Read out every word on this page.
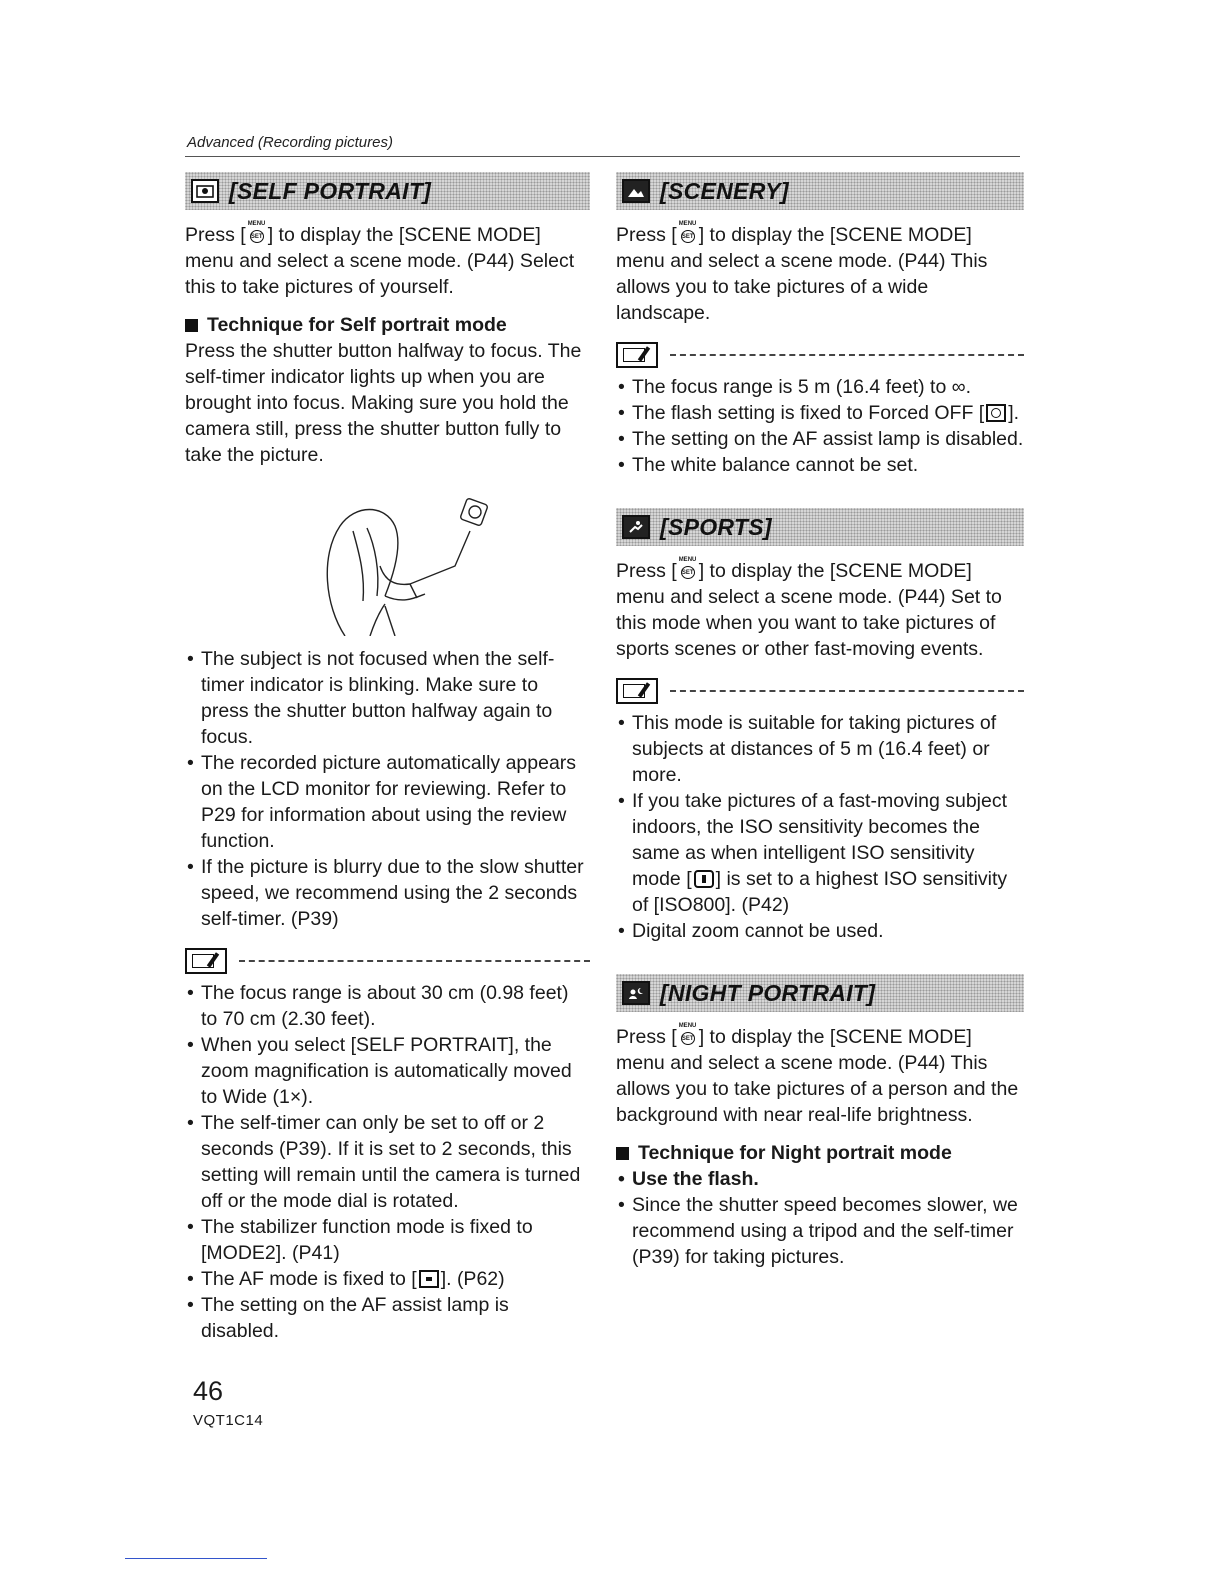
Advanced (Recording pictures)
[SELF PORTRAIT]

Press [ MENU
SET ] to display the [SCENE MODE] menu and select a scene mode. (P44) Select this to take pictures of yourself.

Technique for Self portrait mode

Press the shutter button halfway to focus. The self-timer indicator lights up when you are brought into focus. Making sure you hold the camera still, press the shutter button fully to take the picture.

• The subject is not focused when the self-timer indicator is blinking. Make sure to press the shutter button halfway again to focus.
• The recorded picture automatically appears on the LCD monitor for reviewing. Refer to P29 for information about using the review function.
• If the picture is blurry due to the slow shutter speed, we recommend using the 2 seconds self-timer. (P39)
• The focus range is about 30 cm (0.98 feet) to 70 cm (2.30 feet).
• When you select [SELF PORTRAIT], the zoom magnification is automatically moved to Wide (1×).
• The self-timer can only be set to off or 2 seconds (P39). If it is set to 2 seconds, this setting will remain until the camera is turned off or the mode dial is rotated.
• The stabilizer function mode is fixed to [MODE2]. (P41)
• The AF mode is fixed to [ ]. (P62)
• The setting on the AF assist lamp is disabled.
[SCENERY]

Press [ MENU
SET ] to display the [SCENE MODE] menu and select a scene mode. (P44) This allows you to take pictures of a wide landscape.

• The focus range is 5 m (16.4 feet) to ∞.
• The flash setting is fixed to Forced OFF [ ].
• The setting on the AF assist lamp is disabled.
• The white balance cannot be set.
[SPORTS]

Press [ MENU
SET ] to display the [SCENE MODE] menu and select a scene mode. (P44) Set to this mode when you want to take pictures of sports scenes or other fast-moving events.

• This mode is suitable for taking pictures of subjects at distances of 5 m (16.4 feet) or more.
• If you take pictures of a fast-moving subject indoors, the ISO sensitivity becomes the same as when intelligent ISO sensitivity mode [ ] is set to a highest ISO sensitivity of [ISO800]. (P42)
• Digital zoom cannot be used.
[NIGHT PORTRAIT]

Press [ MENU
SET ] to display the [SCENE MODE] menu and select a scene mode. (P44) This allows you to take pictures of a person and the background with near real-life brightness.

Technique for Night portrait mode
• Use the flash.
• Since the shutter speed becomes slower, we recommend using a tripod and the self-timer (P39) for taking pictures.
46
VQT1C14
